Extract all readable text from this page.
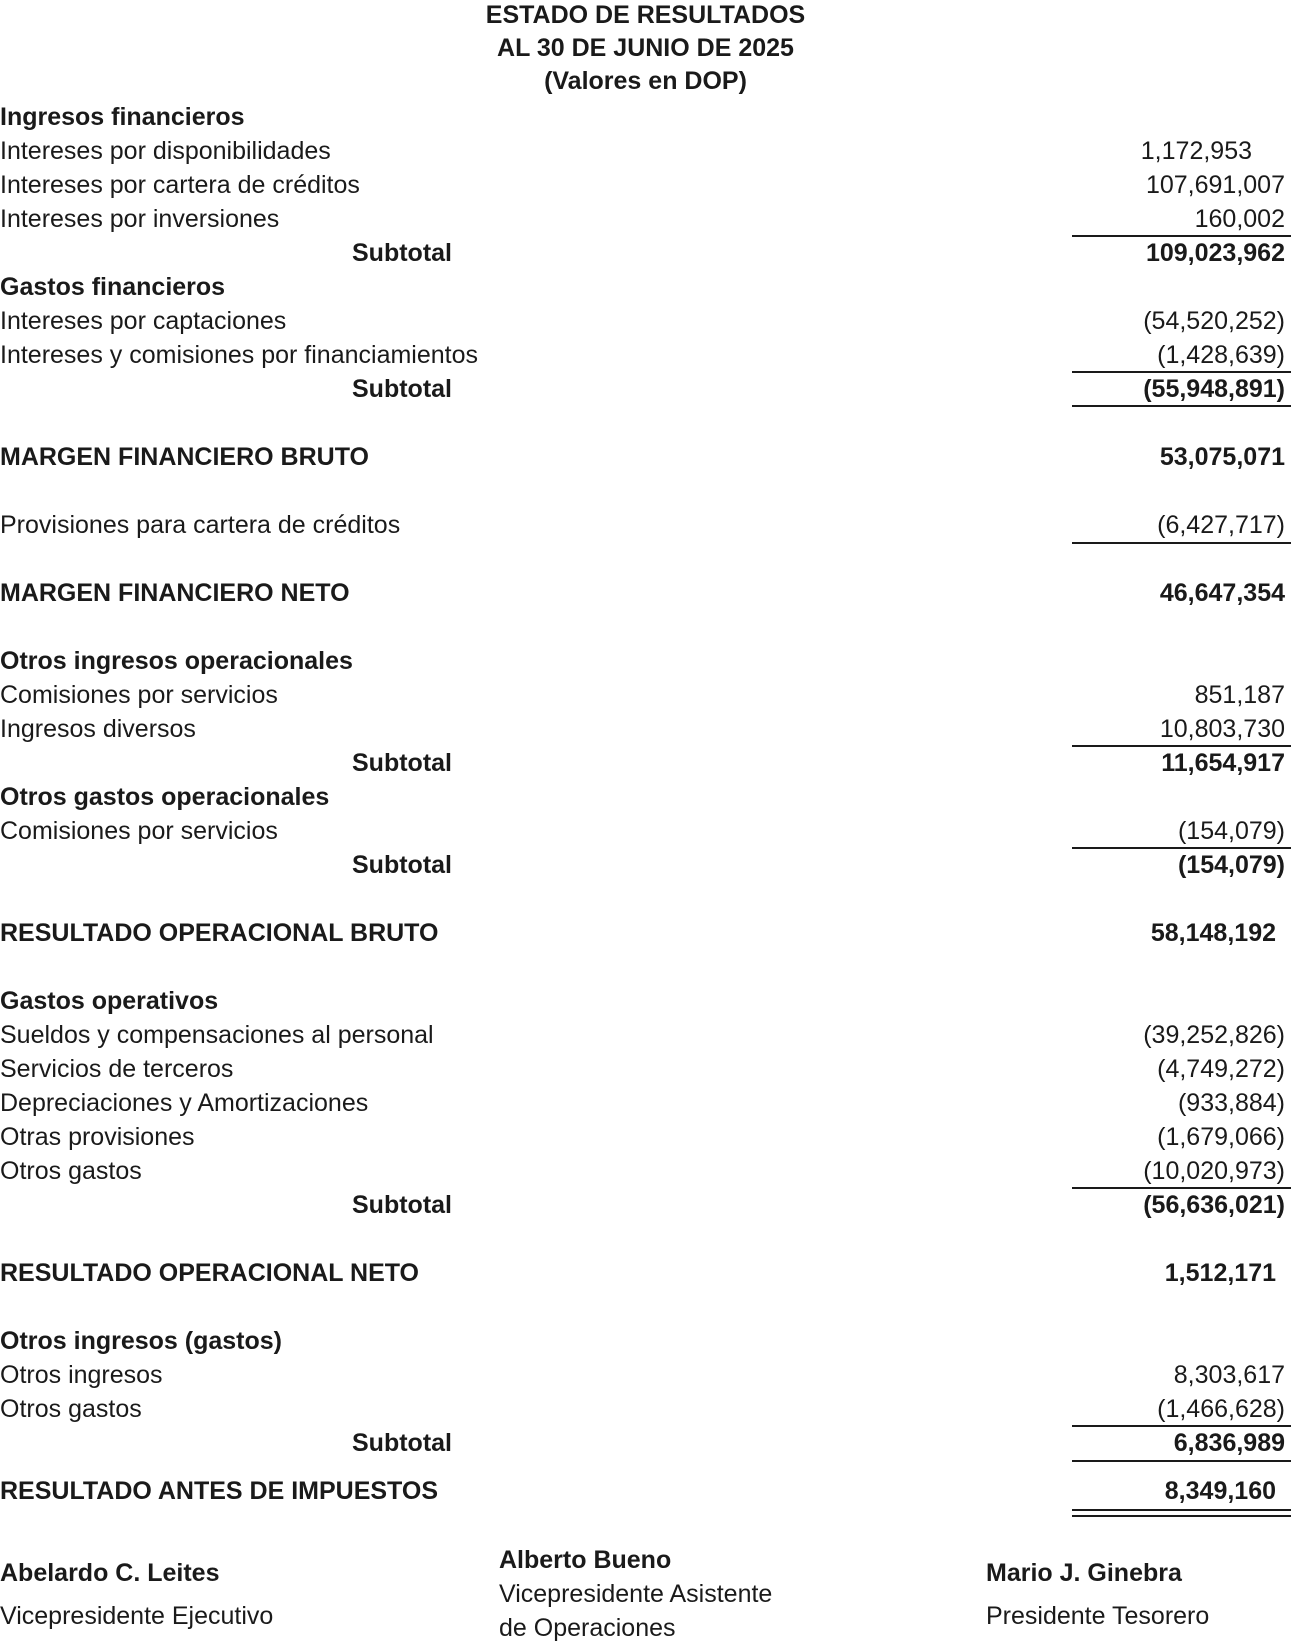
ESTADO DE RESULTADOS
AL 30 DE JUNIO DE 2025
(Valores en DOP)
Ingresos financieros
Intereses por disponibilidades	1,172,953
Intereses por cartera de créditos	107,691,007
Intereses por inversiones	160,002
Subtotal	109,023,962
Gastos financieros
Intereses por captaciones	(54,520,252)
Intereses y comisiones por financiamientos	(1,428,639)
Subtotal	(55,948,891)
MARGEN FINANCIERO BRUTO	53,075,071
Provisiones para cartera de créditos	(6,427,717)
MARGEN FINANCIERO NETO	46,647,354
Otros ingresos operacionales
Comisiones por servicios	851,187
Ingresos diversos	10,803,730
Subtotal	11,654,917
Otros gastos operacionales
Comisiones por servicios	(154,079)
Subtotal	(154,079)
RESULTADO OPERACIONAL BRUTO	58,148,192
Gastos operativos
Sueldos y compensaciones al personal	(39,252,826)
Servicios de terceros	(4,749,272)
Depreciaciones y Amortizaciones	(933,884)
Otras provisiones	(1,679,066)
Otros gastos	(10,020,973)
Subtotal	(56,636,021)
RESULTADO OPERACIONAL NETO	1,512,171
Otros ingresos (gastos)
Otros ingresos	8,303,617
Otros gastos	(1,466,628)
Subtotal	6,836,989
RESULTADO ANTES DE IMPUESTOS	8,349,160
Abelardo C. Leites
Vicepresidente Ejecutivo
Alberto Bueno
Vicepresidente Asistente
de Operaciones
Mario J. Ginebra
Presidente Tesorero
